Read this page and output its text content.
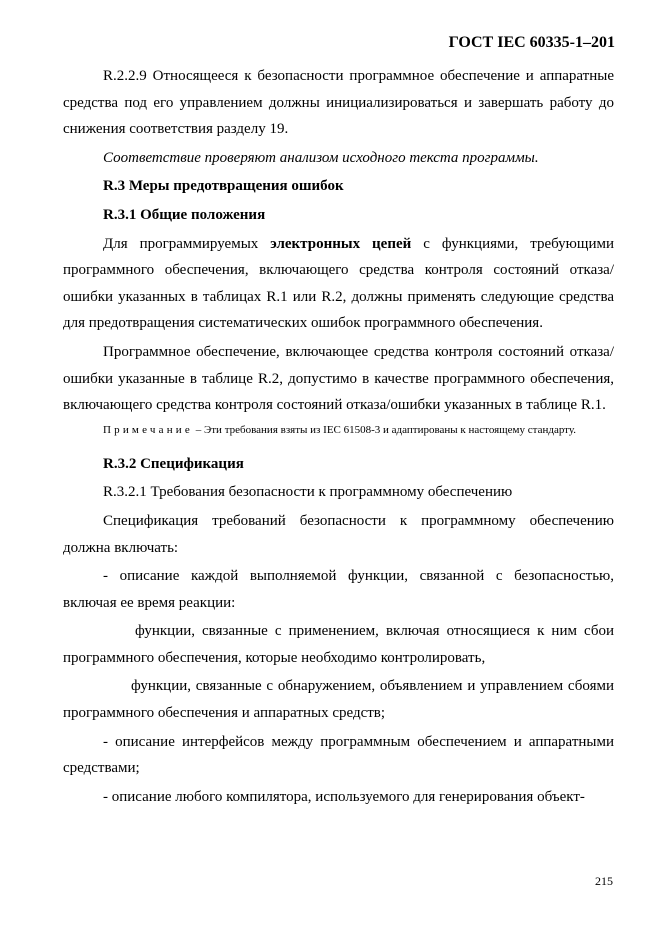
ГОСТ IEC 60335-1–201

R.2.2.9 Относящееся к безопасности программное обеспечение и аппаратные средства под его управлением должны инициализироваться и завершать работу до снижения соответствия разделу 19.

Соответствие проверяют анализом исходного текста программы.

R.3 Меры предотвращения ошибок

R.3.1 Общие положения

Для программируемых электронных цепей с функциями, требующими программного обеспечения, включающего средства контроля состояний отказа/ошибки указанных в таблицах R.1 или R.2, должны применять следующие средства для предотвращения систематических ошибок программного обеспечения.

Программное обеспечение, включающее средства контроля состояний отказа/ошибки указанные в таблице R.2, допустимо в качестве программного обеспечения, включающего средства контроля состояний отказа/ошибки указанных в таблице R.1.

Примечание – Эти требования взяты из IEC 61508-3 и адаптированы к настоящему стандарту.

R.3.2 Спецификация

R.3.2.1 Требования безопасности к программному обеспечению

Спецификация требований безопасности к программному обеспечению должна включать:

- описание каждой выполняемой функции, связанной с безопасностью, включая ее время реакции:

функции, связанные с применением, включая относящиеся к ним сбои программного обеспечения, которые необходимо контролировать,

функции, связанные с обнаружением, объявлением и управлением сбоями программного обеспечения и аппаратных средств;

- описание интерфейсов между программным обеспечением и аппаратными средствами;

- описание любого компилятора, используемого для генерирования объект-

215
